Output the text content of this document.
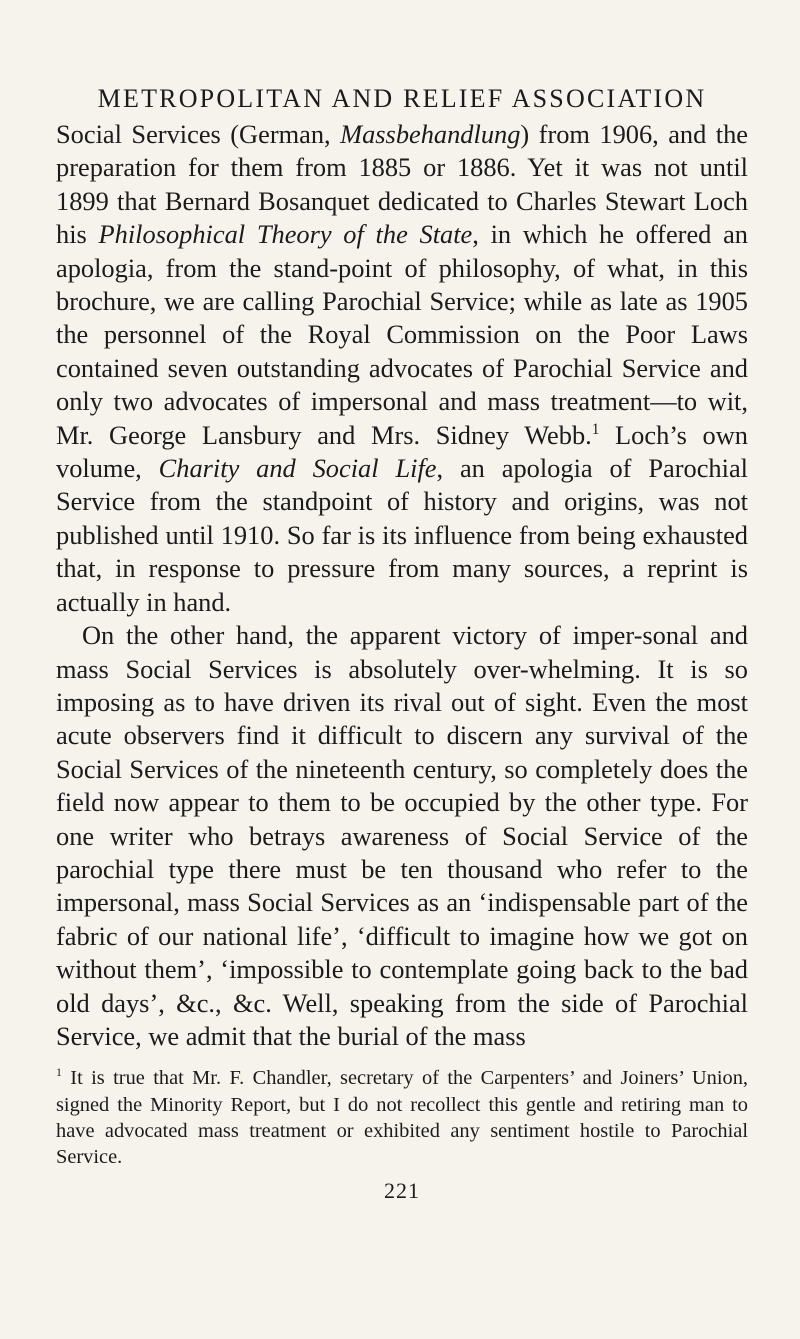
METROPOLITAN AND RELIEF ASSOCIATION

Social Services (German, Massbehandlung) from 1906, and the preparation for them from 1885 or 1886. Yet it was not until 1899 that Bernard Bosanquet dedicated to Charles Stewart Loch his Philosophical Theory of the State, in which he offered an apologia, from the stand-point of philosophy, of what, in this brochure, we are calling Parochial Service; while as late as 1905 the personnel of the Royal Commission on the Poor Laws contained seven outstanding advocates of Parochial Service and only two advocates of impersonal and mass treatment—to wit, Mr. George Lansbury and Mrs. Sidney Webb.$^1$ Loch’s own volume, Charity and Social Life, an apologia of Parochial Service from the standpoint of history and origins, was not published until 1910. So far is its influence from being exhausted that, in response to pressure from many sources, a reprint is actually in hand.

On the other hand, the apparent victory of imper-sonal and mass Social Services is absolutely over-whelming. It is so imposing as to have driven its rival out of sight. Even the most acute observers find it difficult to discern any survival of the Social Services of the nineteenth century, so completely does the field now appear to them to be occupied by the other type. For one writer who betrays awareness of Social Service of the parochial type there must be ten thousand who refer to the impersonal, mass Social Services as an ‘indispensable part of the fabric of our national life’, ‘difficult to imagine how we got on without them’, ‘impossible to contemplate going back to the bad old days’, &c., &c. Well, speaking from the side of Parochial Service, we admit that the burial of the mass

$^1$ It is true that Mr. F. Chandler, secretary of the Carpenters’ and Joiners’ Union, signed the Minority Report, but I do not recollect this gentle and retiring man to have advocated mass treatment or exhibited any sentiment hostile to Parochial Service.
221
